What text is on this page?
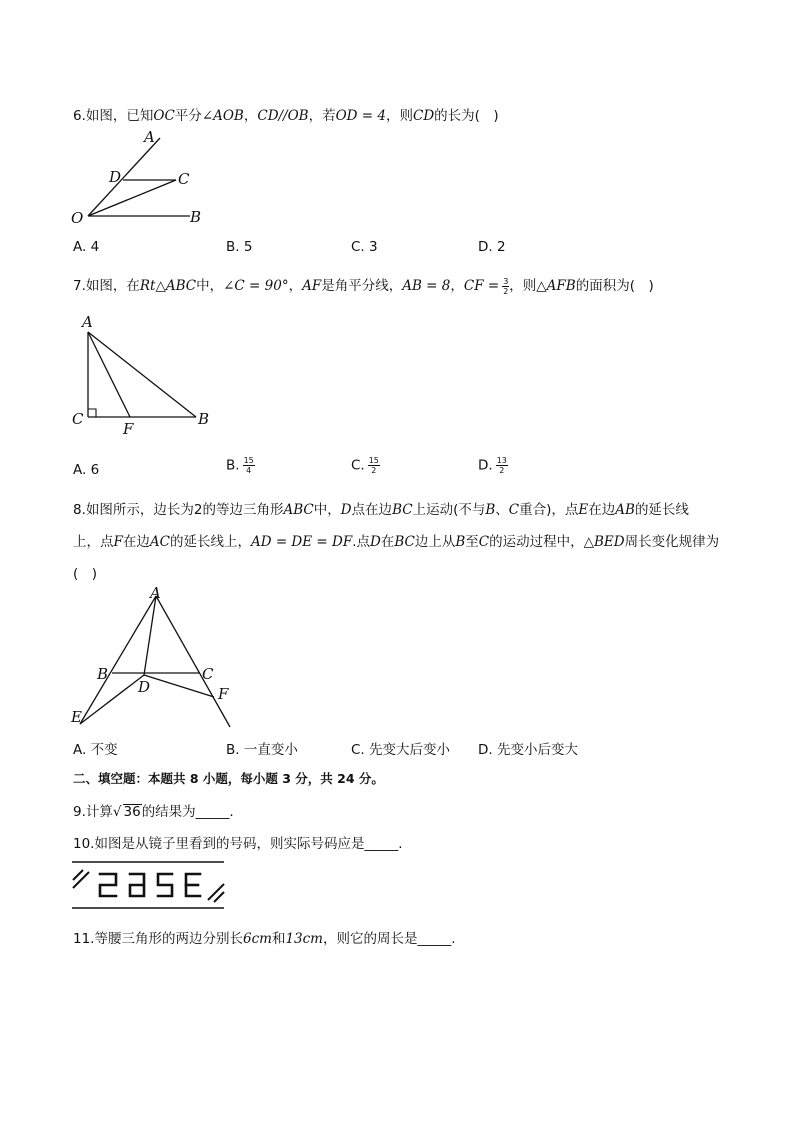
6.如图，已知OC平分∠AOB，CD//OB，若OD = 4，则CD的长为(　)
A
D	C
O	B
A. 4	B. 5	C. 3	D. 2
7.如图，在Rt△ABC中，∠C = 90°，AF是角平分线，AB = 8，CF = $\frac{3}{2}$ ，则△AFB的面积为(　)
A
C
F
B
A. 6	B. $\frac{15}{4}$	C. $\frac{15}{2}$	D. $\frac{13}{2}$
8.如图所示，边长为2的等边三角形ABC中，D点在边BC上运动(不与B、C重合)，点E在边AB的延长线
上，点F在边AC的延长线上，AD = DE = DF.点D在BC边上从B至C的运动过程中，△BED周长变化规律为
(　)
A
B	C
D
E
F
A. 不变	B. 一直变小	C. 先变大后变小 D. 先变小后变大
二、填空题：本题共 8 小题，每小题 3 分，共 24 分。
9.计算√ 36的结果为_____.
10.如图是从镜子里看到的号码，则实际号码应是_____.
11.等腰三角形的两边分别长6cm和13cm，则它的周长是_____.
